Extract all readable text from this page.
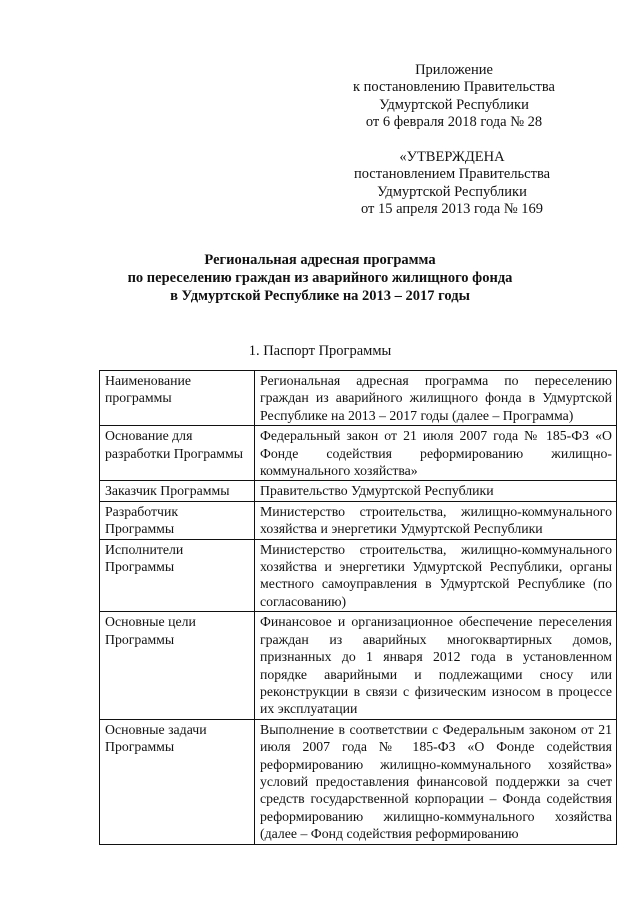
Приложение
к постановлению Правительства
Удмуртской Республики
от 6 февраля 2018 года № 28
«УТВЕРЖДЕНА
постановлением Правительства
Удмуртской Республики
от 15 апреля 2013 года № 169
Региональная адресная программа
по переселению граждан из аварийного жилищного фонда
в Удмуртской Республике на 2013 – 2017 годы
1. Паспорт Программы
Наименование программы	Региональная адресная программа по переселению граждан из аварийного жилищного фонда в Удмуртской Республике на 2013 – 2017 годы (далее – Программа)
Основание для разработки Программы	Федеральный закон от 21 июля 2007 года № 185-ФЗ «О Фонде содействия реформированию жилищно-коммунального хозяйства»
Заказчик Программы	Правительство Удмуртской Республики
Разработчик Программы	Министерство строительства, жилищно-коммунального хозяйства и энергетики Удмуртской Республики
Исполнители Программы	Министерство строительства, жилищно-коммунального хозяйства и энергетики Удмуртской Республики, органы местного самоуправления в Удмуртской Республике (по согласованию)
Основные цели Программы	Финансовое и организационное обеспечение переселения граждан из аварийных многоквартирных домов, признанных до 1 января 2012 года в установленном порядке аварийными и подлежащими сносу или реконструкции в связи с физическим износом в процессе их эксплуатации
Основные задачи Программы	Выполнение в соответствии с Федеральным законом от 21 июля 2007 года № 185-ФЗ «О Фонде содействия реформированию жилищно-коммунального хозяйства» условий предоставления финансовой поддержки за счет средств государственной корпорации – Фонда содействия реформированию жилищно-коммунального хозяйства (далее – Фонд содействия реформированию
